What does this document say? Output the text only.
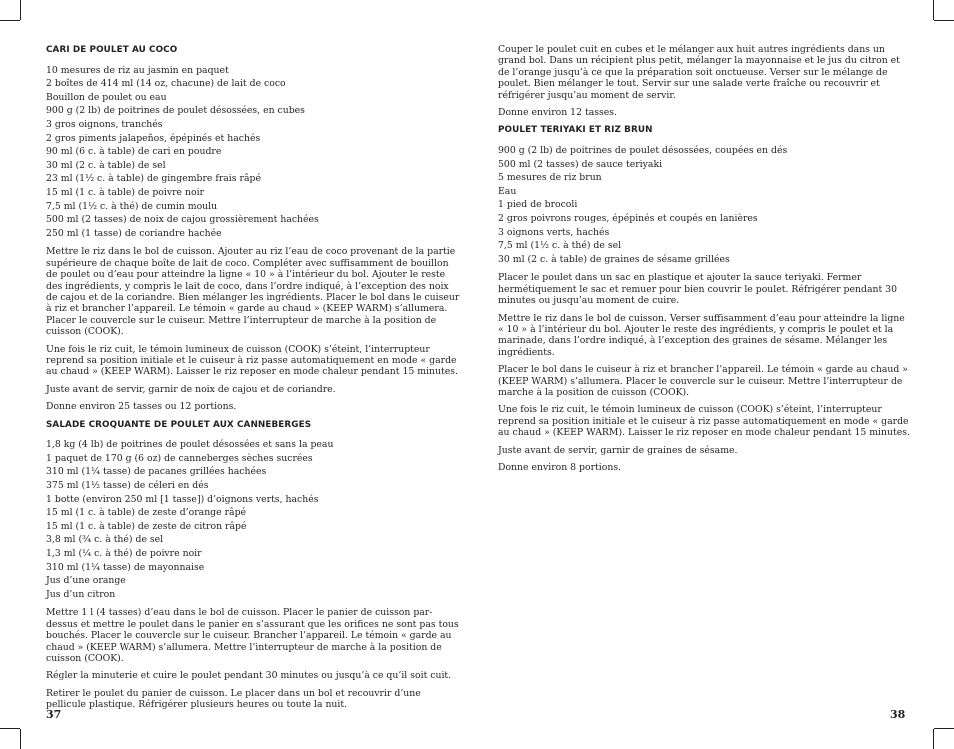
CARI DE POULET AU COCO

10 mesures de riz au jasmin en paquet

2 boîtes de 414 ml (14 oz, chacune) de lait de coco

Bouillon de poulet ou eau

900 g (2 lb) de poitrines de poulet désossées, en cubes

3 gros oignons, tranchés

2 gros piments jalapeños, épépinés et hachés

90 ml (6 c. à table) de cari en poudre

30 ml (2 c. à table) de sel

23 ml (1½ c. à table) de gingembre frais râpé

15 ml (1 c. à table) de poivre noir

7,5 ml (1½ c. à thé) de cumin moulu

500 ml (2 tasses) de noix de cajou grossièrement hachées

250 ml (1 tasse) de coriandre hachée

Mettre le riz dans le bol de cuisson. Ajouter au riz l’eau de coco provenant de la partie supérieure de chaque boîte de lait de coco. Compléter avec suffisamment de bouillon de poulet ou d’eau pour atteindre la ligne « 10 » à l’intérieur du bol. Ajouter le reste des ingrédients, y compris le lait de coco, dans l’ordre indiqué, à l’exception des noix de cajou et de la coriandre. Bien mélanger les ingrédients. Placer le bol dans le cuiseur à riz et brancher l’appareil. Le témoin « garde au chaud » (KEEP WARM) s’allumera. Placer le couvercle sur le cuiseur. Mettre l’interrupteur de marche à la position de cuisson (COOK).

Une fois le riz cuit, le témoin lumineux de cuisson (COOK) s’éteint, l’interrupteur reprend sa position initiale et le cuiseur à riz passe automatiquement en mode « garde au chaud » (KEEP WARM). Laisser le riz reposer en mode chaleur pendant 15 minutes.

Juste avant de servir, garnir de noix de cajou et de coriandre.

Donne environ 25 tasses ou 12 portions.

SALADE CROQUANTE DE POULET AUX CANNEBERGES

1,8 kg (4 lb) de poitrines de poulet désossées et sans la peau

1 paquet de 170 g (6 oz) de canneberges sèches sucrées

310 ml (1¼ tasse) de pacanes grillées hachées

375 ml (1½ tasse) de céleri en dés

1 botte (environ 250 ml [1 tasse]) d’oignons verts, hachés

15 ml (1 c. à table) de zeste d’orange râpé

15 ml (1 c. à table) de zeste de citron râpé

3,8 ml (¾ c. à thé) de sel

1,3 ml (¼ c. à thé) de poivre noir

310 ml (1¼ tasse) de mayonnaise

Jus d’une orange

Jus d’un citron

Mettre 1 l (4 tasses) d’eau dans le bol de cuisson. Placer le panier de cuisson par-dessus et mettre le poulet dans le panier en s’assurant que les orifices ne sont pas tous bouchés. Placer le couvercle sur le cuiseur. Brancher l’appareil. Le témoin « garde au chaud » (KEEP WARM) s’allumera. Mettre l’interrupteur de marche à la position de cuisson (COOK).

Régler la minuterie et cuire le poulet pendant 30 minutes ou jusqu’à ce qu’il soit cuit.

Retirer le poulet du panier de cuisson. Le placer dans un bol et recouvrir d’une pellicule plastique. Réfrigérer plusieurs heures ou toute la nuit.

37

Couper le poulet cuit en cubes et le mélanger aux huit autres ingrédients dans un grand bol. Dans un récipient plus petit, mélanger la mayonnaise et le jus du citron et de l’orange jusqu’à ce que la préparation soit onctueuse. Verser sur le mélange de poulet. Bien mélanger le tout. Servir sur une salade verte fraîche ou recouvrir et réfrigérer jusqu’au moment de servir.

Donne environ 12 tasses.

POULET TERIYAKI ET RIZ BRUN

900 g (2 lb) de poitrines de poulet désossées, coupées en dés

500 ml (2 tasses) de sauce teriyaki

5 mesures de riz brun

Eau

1 pied de brocoli

2 gros poivrons rouges, épépinés et coupés en lanières

3 oignons verts, hachés

7,5 ml (1½ c. à thé) de sel

30 ml (2 c. à table) de graines de sésame grillées

Placer le poulet dans un sac en plastique et ajouter la sauce teriyaki. Fermer hermétiquement le sac et remuer pour bien couvrir le poulet. Réfrigérer pendant 30 minutes ou jusqu’au moment de cuire.

Mettre le riz dans le bol de cuisson. Verser suffisamment d’eau pour atteindre la ligne « 10 » à l’intérieur du bol. Ajouter le reste des ingrédients, y compris le poulet et la marinade, dans l’ordre indiqué, à l’exception des graines de sésame. Mélanger les ingrédients.

Placer le bol dans le cuiseur à riz et brancher l’appareil. Le témoin « garde au chaud » (KEEP WARM) s’allumera. Placer le couvercle sur le cuiseur. Mettre l’interrupteur de marche à la position de cuisson (COOK).

Une fois le riz cuit, le témoin lumineux de cuisson (COOK) s’éteint, l’interrupteur reprend sa position initiale et le cuiseur à riz passe automatiquement en mode « garde au chaud » (KEEP WARM). Laisser le riz reposer en mode chaleur pendant 15 minutes.

Juste avant de servir, garnir de graines de sésame.

Donne environ 8 portions.

38
